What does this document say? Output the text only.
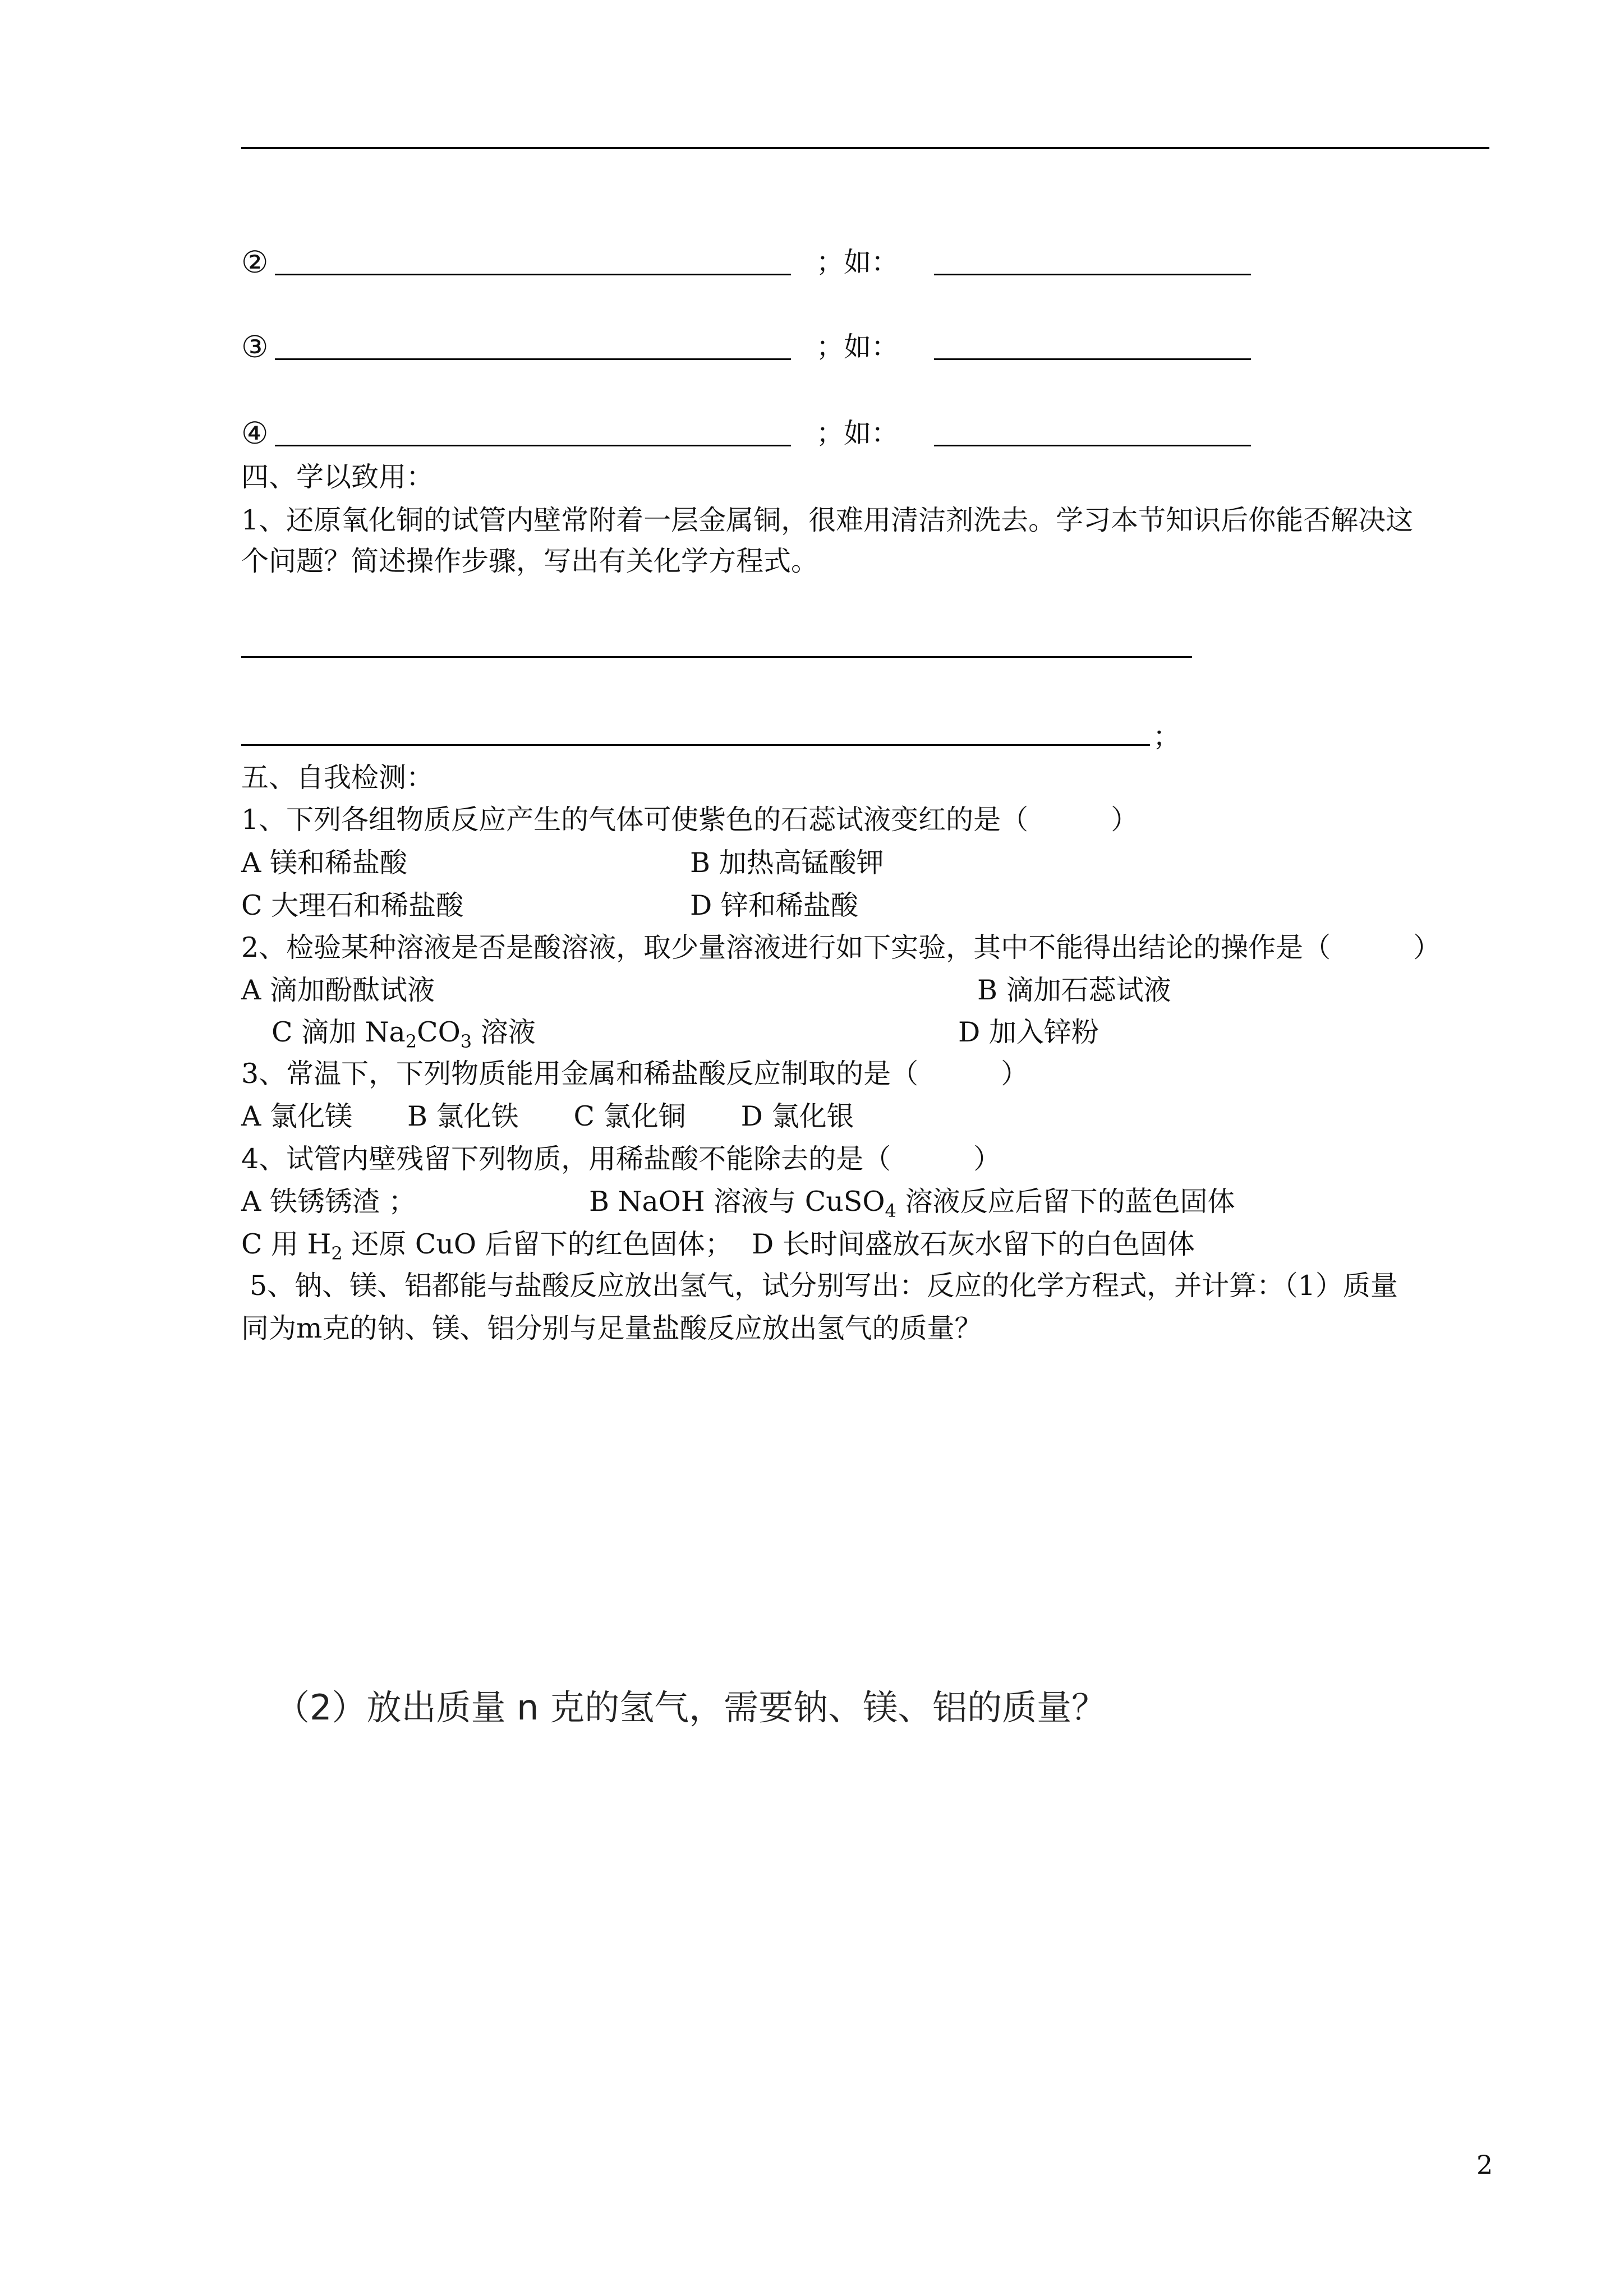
②	；如：
③	；如：
④	；如：
四、学以致用：
1、还原氧化铜的试管内壁常附着一层金属铜，很难用清洁剂洗去。学习本节知识后你能否解决这
个问题？简述操作步骤，写出有关化学方程式。
；
五、自我检测：
1、下列各组物质反应产生的气体可使紫色的石蕊试液变红的是（　　　）
A 镁和稀盐酸	B 加热高锰酸钾
C 大理石和稀盐酸	D 锌和稀盐酸
2、检验某种溶液是否是酸溶液，取少量溶液进行如下实验，其中不能得出结论的操作是（　　　）
A 滴加酚酞试液	B 滴加石蕊试液
C 滴加 $Na_2CO_3$ 溶液	D 加入锌粉
3、常温下，下列物质能用金属和稀盐酸反应制取的是（　　　）
A 氯化镁　　B 氯化铁　　C 氯化铜　　D 氯化银
4、试管内壁残留下列物质，用稀盐酸不能除去的是（　　　）
A 铁锈锈渣 ；	B NaOH 溶液与 CuSO$_4$ 溶液反应后留下的蓝色固体
C 用 $H_2$ 还原 CuO 后留下的红色固体； D 长时间盛放石灰水留下的白色固体
5、钠、镁、铝都能与盐酸反应放出氢气，试分别写出：反应的化学方程式，并计算：（1）质量
同为m克的钠、镁、铝分别与足量盐酸反应放出氢气的质量？
（2）放出质量 n 克的氢气，需要钠、镁、铝的质量？
2
